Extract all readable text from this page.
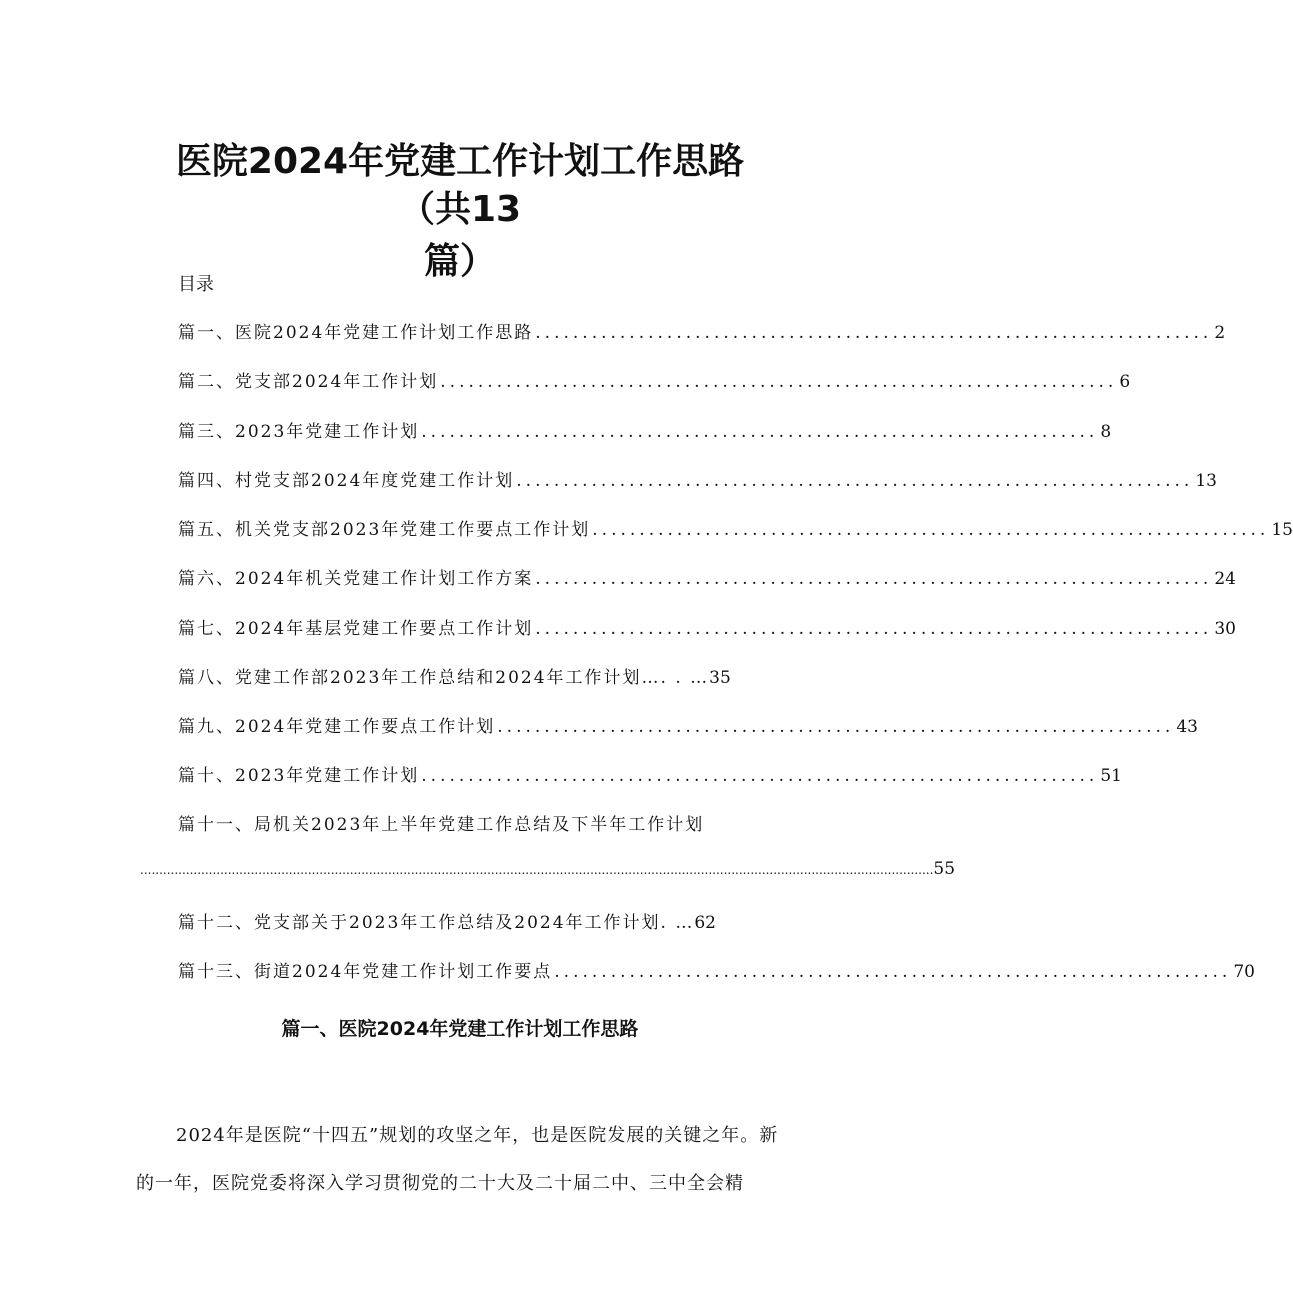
医院2024年党建工作计划工作思路（共13
篇）
目录
篇一、医院2024年党建工作计划工作思路 ........................................................................ 2
篇二、党支部2024年工作计划 ........................................................................ 6
篇三、2023年党建工作计划 ........................................................................ 8
篇四、村党支部2024年度党建工作计划 ........................................................................ 13
篇五、机关党支部2023年党建工作要点工作计划 ........................................................................ 15
篇六、2024年机关党建工作计划工作方案 ........................................................................ 24
篇七、2024年基层党建工作要点工作计划 ........................................................................ 30
篇八、党建工作部2023年工作总结和2024年工作计划…. . … 35
篇九、2024年党建工作要点工作计划 ........................................................................ 43
篇十、2023年党建工作计划 ........................................................................ 51
篇十一、局机关2023年上半年党建工作总结及下半年工作计划
................................................................................................................................................................................................................ 55
篇十二、党支部关于2023年工作总结及2024年工作计划. … 62
篇十三、街道2024年党建工作计划工作要点 ........................................................................ 70
篇一、医院2024年党建工作计划工作思路
2024年是医院“十四五”规划的攻坚之年，也是医院发展的关键之年。新的一年，医院党委将深入学习贯彻党的二十大及二十届二中、三中全会精
